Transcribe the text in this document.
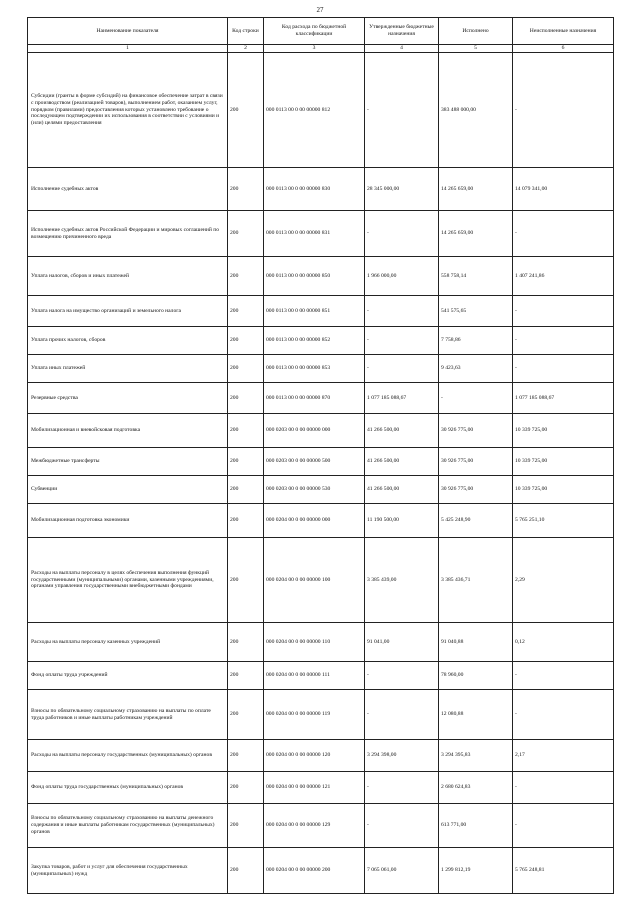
27
Наименование показателя	Код строки	Код расхода по бюджетной классификации	Утвержденные бюджетные назначения	Исполнено	Неисполненные назначения
1	2	3	4	5	6
Субсидии (гранты в форме субсидий) на финансовое обеспечение затрат в связи с производством (реализацией товаров), выполнением работ, оказанием услуг, порядком (правилами) предоставления которых установлено требование о последующем подтверждении их использования в соответствии с условиями и (или) целями предоставления	200	000 0113 00 0 00 00000 812	-	383 488 000,00	-
Исполнение судебных актов	200	000 0113 00 0 00 00000 830	28 345 000,00	14 265 659,00	14 079 341,00
Исполнение судебных актов Российской Федерации и мировых соглашений по возмещению причиненного вреда	200	000 0113 00 0 00 00000 831	-	14 265 659,00	-
Уплата налогов, сборов и иных платежей	200	000 0113 00 0 00 00000 850	1 966 000,00	558 758,14	1 407 241,86
Уплата налога на имущество организаций и земельного налога	200	000 0113 00 0 00 00000 851	-	541 575,65	-
Уплата прочих налогов, сборов	200	000 0113 00 0 00 00000 852	-	7 758,86	-
Уплата иных платежей	200	000 0113 00 0 00 00000 853	-	9 423,63	-
Резервные средства	200	000 0113 00 0 00 00000 870	1 077 185 088,67	-	1 077 185 088,67
Мобилизационная и вневойсковая подготовка	200	000 0203 00 0 00 00000 000	41 266 500,00	30 926 775,00	10 339 725,00
Межбюджетные трансферты	200	000 0203 00 0 00 00000 500	41 266 500,00	30 926 775,00	10 339 725,00
Субвенции	200	000 0203 00 0 00 00000 530	41 266 500,00	30 926 775,00	10 339 725,00
Мобилизационная подготовка экономики	200	000 0204 00 0 00 00000 000	11 190 500,00	5 425 248,90	5 765 251,10
Расходы на выплаты персоналу в целях обеспечения выполнения функций государственными (муниципальными) органами, казенными учреждениями, органами управления государственными внебюджетными фондами	200	000 0204 00 0 00 00000 100	3 385 439,00	3 385 436,71	2,29
Расходы на выплаты персоналу казенных учреждений	200	000 0204 00 0 00 00000 110	91 041,00	91 040,88	0,12
Фонд оплаты труда учреждений	200	000 0204 00 0 00 00000 111	-	78 960,00	-
Взносы по обязательному социальному страхованию на выплаты по оплате труда работников и иные выплаты работникам учреждений	200	000 0204 00 0 00 00000 119	-	12 080,88	-
Расходы на выплаты персоналу государственных (муниципальных) органов	200	000 0204 00 0 00 00000 120	3 294 398,00	3 294 395,83	2,17
Фонд оплаты труда государственных (муниципальных) органов	200	000 0204 00 0 00 00000 121	-	2 680 624,83	-
Взносы по обязательному социальному страхованию на выплаты денежного содержания и иные выплаты работникам государственных (муниципальных) органов	200	000 0204 00 0 00 00000 129	-	613 771,00	-
Закупка товаров, работ и услуг для обеспечения государственных (муниципальных) нужд	200	000 0204 00 0 00 00000 200	7 065 061,00	1 299 812,19	5 765 248,81
